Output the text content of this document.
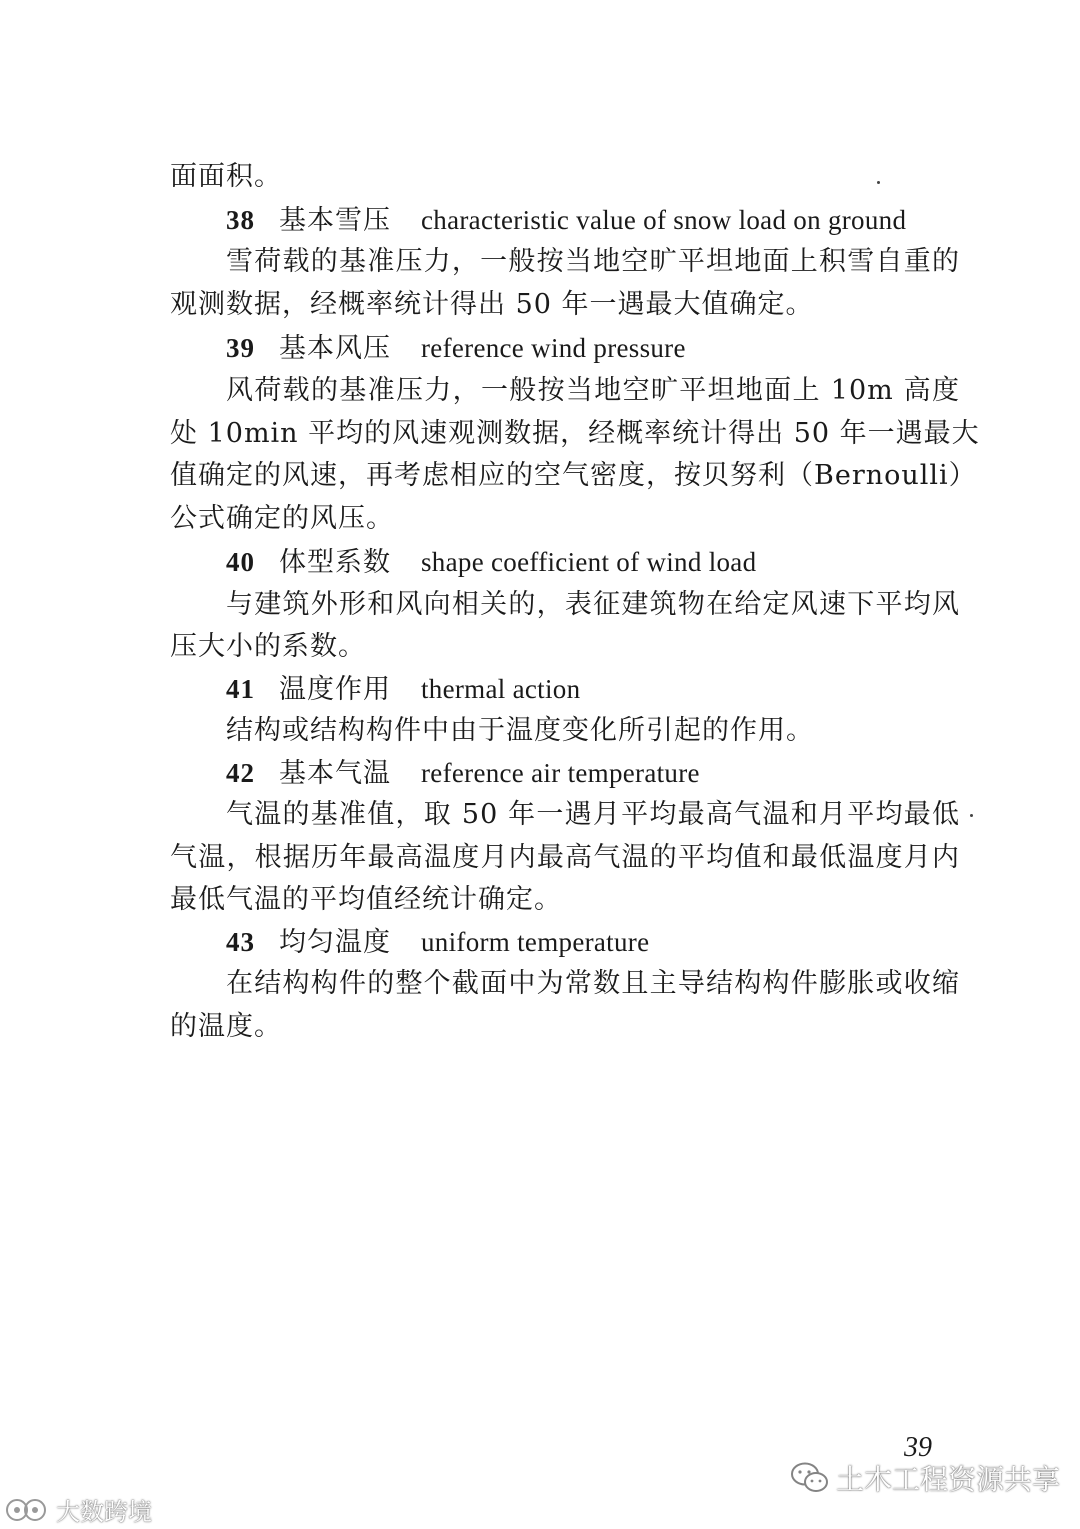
面面积。
38 基本雪压 characteristic value of snow load on ground
雪荷载的基准压力，一般按当地空旷平坦地面上积雪自重的
观测数据，经概率统计得出 50 年一遇最大值确定。
39 基本风压 reference wind pressure
风荷载的基准压力，一般按当地空旷平坦地面上 10m 高度
处 10min 平均的风速观测数据，经概率统计得出 50 年一遇最大
值确定的风速，再考虑相应的空气密度，按贝努利（Bernoulli）
公式确定的风压。
40 体型系数 shape coefficient of wind load
与建筑外形和风向相关的，表征建筑物在给定风速下平均风
压大小的系数。
41 温度作用 thermal action
结构或结构构件中由于温度变化所引起的作用。
42 基本气温 reference air temperature
气温的基准值，取 50 年一遇月平均最高气温和月平均最低
气温，根据历年最高温度月内最高气温的平均值和最低温度月内
最低气温的平均值经统计确定。
43 均匀温度 uniform temperature
在结构构件的整个截面中为常数且主导结构构件膨胀或收缩
的温度。
39
土木工程资源共享
大数跨境
